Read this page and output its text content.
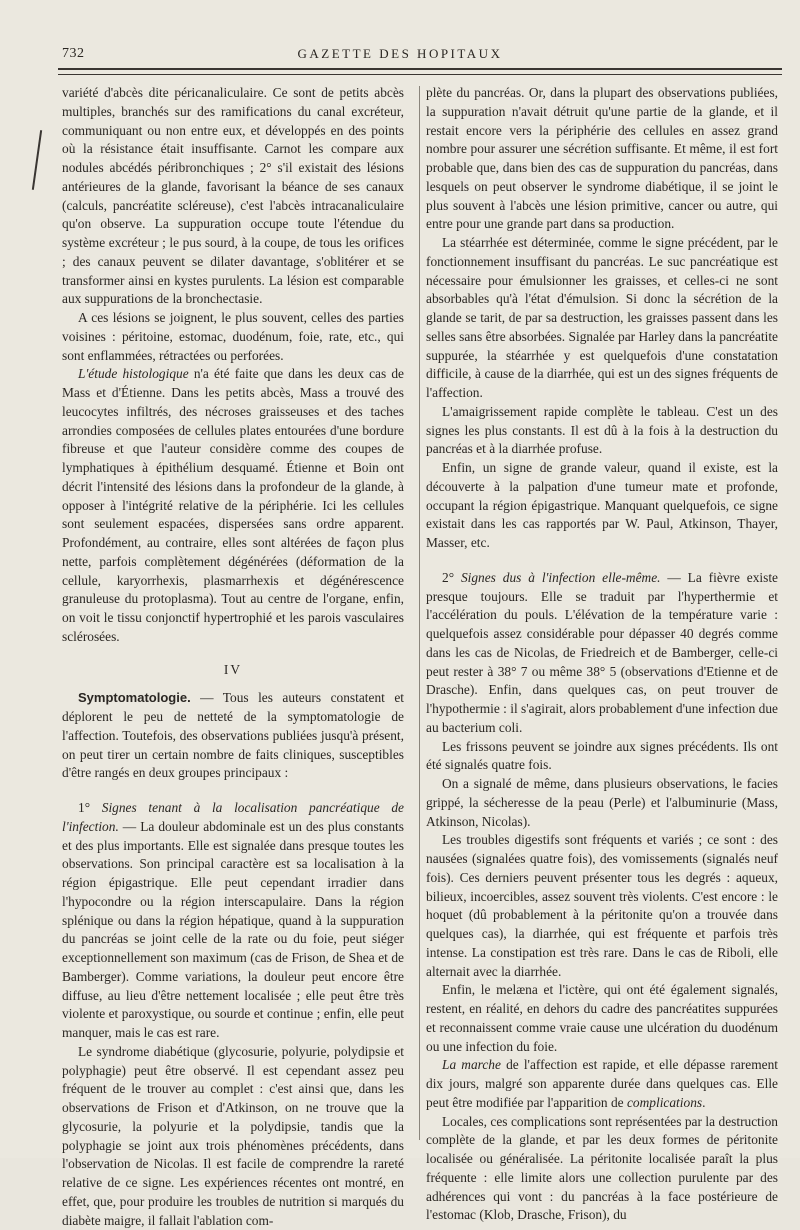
732	GAZETTE DES HOPITAUX

variété d'abcès dite péricanaliculaire. Ce sont de petits abcès multiples, branchés sur des ramifications du canal excréteur, communiquant ou non entre eux, et développés en des points où la résistance était insuffisante. Carnot les compare aux nodules abcédés péribronchiques ; 2° s'il existait des lésions antérieures de la glande, favorisant la béance de ses canaux (calculs, pancréatite scléreuse), c'est l'abcès intracanaliculaire qu'on observe. La suppuration occupe toute l'étendue du système excréteur ; le pus sourd, à la coupe, de tous les orifices ; des canaux peuvent se dilater davantage, s'oblitérer et se transformer ainsi en kystes purulents. La lésion est comparable aux suppurations de la bronchectasie.

A ces lésions se joignent, le plus souvent, celles des parties voisines : péritoine, estomac, duodénum, foie, rate, etc., qui sont enflammées, rétractées ou perforées.

L'étude histologique n'a été faite que dans les deux cas de Mass et d'Étienne. Dans les petits abcès, Mass a trouvé des leucocytes infiltrés, des nécroses graisseuses et des taches arrondies composées de cellules plates entourées d'une bordure fibreuse et que l'auteur considère comme des coupes de lymphatiques à épithélium desquamé. Étienne et Boin ont décrit l'intensité des lésions dans la profondeur de la glande, à opposer à l'intégrité relative de la périphérie. Ici les cellules sont seulement espacées, dispersées sans ordre apparent. Profondément, au contraire, elles sont altérées de façon plus nette, parfois complètement dégénérées (déformation de la cellule, karyorrhexis, plasmarrhexis et dégénérescence granuleuse du protoplasma). Tout au centre de l'organe, enfin, on voit le tissu conjonctif hypertrophié et les parois vasculaires sclérosées.

IV

Symptomatologie. — Tous les auteurs constatent et déplorent le peu de netteté de la symptomatologie de l'affection. Toutefois, des observations publiées jusqu'à présent, on peut tirer un certain nombre de faits cliniques, susceptibles d'être rangés en deux groupes principaux :

1° Signes tenant à la localisation pancréatique de l'infection. — La douleur abdominale est un des plus constants et des plus importants. Elle est signalée dans presque toutes les observations. Son principal caractère est sa localisation à la région épigastrique. Elle peut cependant irradier dans l'hypocondre ou la région interscapulaire. Dans la région splénique ou dans la région hépatique, quand à la suppuration du pancréas se joint celle de la rate ou du foie, peut siéger exceptionnellement son maximum (cas de Frison, de Shea et de Bamberger). Comme variations, la douleur peut encore être diffuse, au lieu d'être nettement localisée ; elle peut être très violente et paroxystique, ou sourde et continue ; enfin, elle peut manquer, mais le cas est rare.

Le syndrome diabétique (glycosurie, polyurie, polydipsie et polyphagie) peut être observé. Il est cependant assez peu fréquent de le trouver au complet : c'est ainsi que, dans les observations de Frison et d'Atkinson, on ne trouve que la glycosurie, la polyurie et la polydipsie, tandis que la polyphagie se joint aux trois phénomènes précédents, dans l'observation de Nicolas. Il est facile de comprendre la rareté relative de ce signe. Les expériences récentes ont montré, en effet, que, pour produire les troubles de nutrition si marqués du diabète maigre, il fallait l'ablation com-

plète du pancréas. Or, dans la plupart des observations publiées, la suppuration n'avait détruit qu'une partie de la glande, et il restait encore vers la périphérie des cellules en assez grand nombre pour assurer une sécrétion suffisante. Et même, il est fort probable que, dans bien des cas de suppuration du pancréas, dans lesquels on peut observer le syndrome diabétique, il se joint le plus souvent à l'abcès une lésion primitive, cancer ou autre, qui entre pour une grande part dans sa production.

La stéarrhée est déterminée, comme le signe précédent, par le fonctionnement insuffisant du pancréas. Le suc pancréatique est nécessaire pour émulsionner les graisses, et celles-ci ne sont absorbables qu'à l'état d'émulsion. Si donc la sécrétion de la glande se tarit, de par sa destruction, les graisses passent dans les selles sans être absorbées. Signalée par Harley dans la pancréatite suppurée, la stéarrhée y est quelquefois d'une constatation difficile, à cause de la diarrhée, qui est un des signes fréquents de l'affection.

L'amaigrissement rapide complète le tableau. C'est un des signes les plus constants. Il est dû à la fois à la destruction du pancréas et à la diarrhée profuse.

Enfin, un signe de grande valeur, quand il existe, est la découverte à la palpation d'une tumeur mate et profonde, occupant la région épigastrique. Manquant quelquefois, ce signe existait dans les cas rapportés par W. Paul, Atkinson, Thayer, Masser, etc.

2° Signes dus à l'infection elle-même. — La fièvre existe presque toujours. Elle se traduit par l'hyperthermie et l'accélération du pouls. L'élévation de la température varie : quelquefois assez considérable pour dépasser 40 degrés comme dans les cas de Nicolas, de Friedreich et de Bamberger, celle-ci peut rester à 38° 7 ou même 38° 5 (observations d'Etienne et de Drasche). Enfin, dans quelques cas, on peut trouver de l'hypothermie : il s'agirait, alors probablement d'une infection due au bacterium coli.

Les frissons peuvent se joindre aux signes précédents. Ils ont été signalés quatre fois.

On a signalé de même, dans plusieurs observations, le facies grippé, la sécheresse de la peau (Perle) et l'albuminurie (Mass, Atkinson, Nicolas).

Les troubles digestifs sont fréquents et variés ; ce sont : des nausées (signalées quatre fois), des vomissements (signalés neuf fois). Ces derniers peuvent présenter tous les degrés : aqueux, bilieux, incoercibles, assez souvent très violents. C'est encore : le hoquet (dû probablement à la péritonite qu'on a trouvée dans quelques cas), la diarrhée, qui est fréquente et parfois très intense. La constipation est très rare. Dans le cas de Riboli, elle alternait avec la diarrhée.

Enfin, le melæna et l'ictère, qui ont été également signalés, restent, en réalité, en dehors du cadre des pancréatites suppurées et reconnaissent comme vraie cause une ulcération du duodénum ou une infection du foie.

La marche de l'affection est rapide, et elle dépasse rarement dix jours, malgré son apparente durée dans quelques cas. Elle peut être modifiée par l'apparition de complications.

Locales, ces complications sont représentées par la destruction complète de la glande, et par les deux formes de péritonite localisée ou généralisée. La péritonite localisée paraît la plus fréquente : elle limite alors une collection purulente par des adhérences qui vont : du pancréas à la face postérieure de l'estomac (Klob, Drasche, Frison), du
